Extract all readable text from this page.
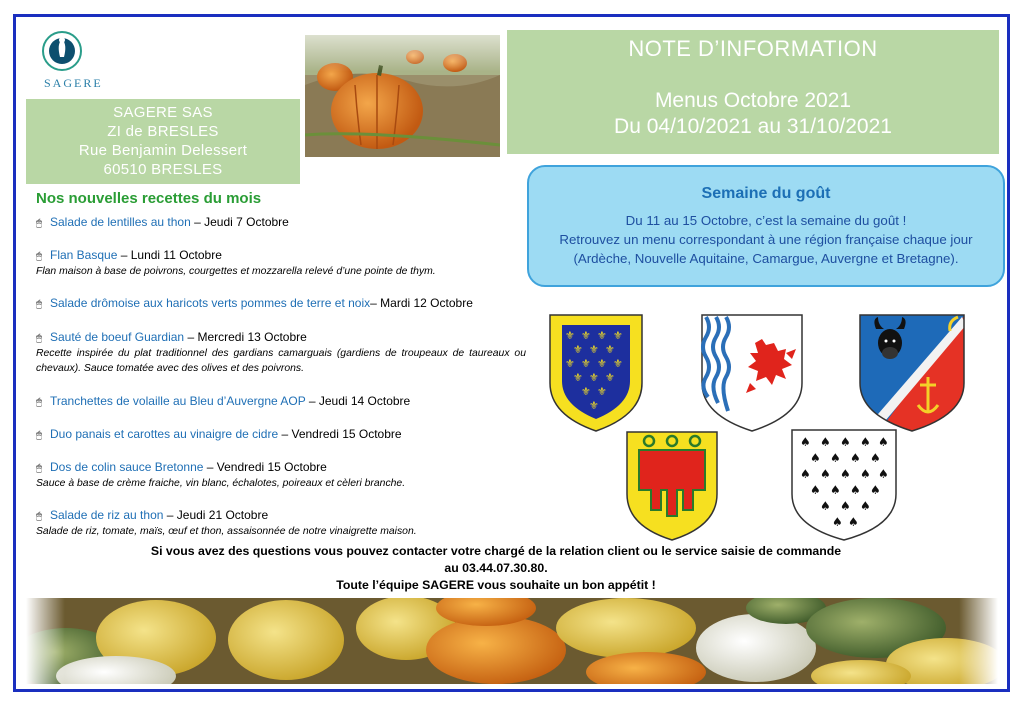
SAGERE
SAGERE SAS
ZI de BRESLES
Rue Benjamin Delessert
60510 BRESLES
NOTE D’INFORMATION
Menus Octobre 2021
Du 04/10/2021 au 31/10/2021
Semaine du goût

Du 11 au 15 Octobre, c’est la semaine du goût !

Retrouvez un menu correspondant à une région française chaque jour

(Ardèche, Nouvelle Aquitaine, Camargue, Auvergne et Bretagne).

Nos nouvelles recettes du mois
🖱 Salade de lentilles au thon – Jeudi 7 Octobre
🖱 Flan Basque – Lundi 11 Octobre
Flan maison à base de poivrons, courgettes et mozzarella relevé d’une pointe de thym.
🖱 Salade drômoise aux haricots verts pommes de terre et noix– Mardi 12 Octobre
🖱 Sauté de boeuf Guardian – Mercredi 13 Octobre
Recette inspirée du plat traditionnel des gardians camarguais (gardiens de troupeaux de taureaux ou chevaux). Sauce tomatée avec des olives et des poivrons.
🖱 Tranchettes de volaille au Bleu d’Auvergne AOP – Jeudi 14 Octobre
🖱 Duo panais et carottes au vinaigre de cidre – Vendredi 15 Octobre
🖱 Dos de colin sauce Bretonne – Vendredi 15 Octobre
Sauce à base de crème fraiche, vin blanc, échalotes, poireaux et cèleri branche.
🖱 Salade de riz au thon – Jeudi 21 Octobre
Salade de riz, tomate, maïs, œuf et thon, assaisonnée de notre vinaigrette maison.
⚜ ⚜ ⚜ ⚜
⚜ ⚜ ⚜
⚜ ⚜ ⚜ ⚜
⚜ ⚜ ⚜
⚜ ⚜
⚜
♠ ♠ ♠ ♠ ♠
♠ ♠ ♠ ♠
♠ ♠ ♠ ♠ ♠
♠ ♠ ♠ ♠
♠ ♠ ♠
♠ ♠
Si vous avez des questions vous pouvez contacter votre chargé de la relation client ou le service saisie de commande
au 03.44.07.30.80.
Toute l’équipe SAGERE vous souhaite un bon appétit !
